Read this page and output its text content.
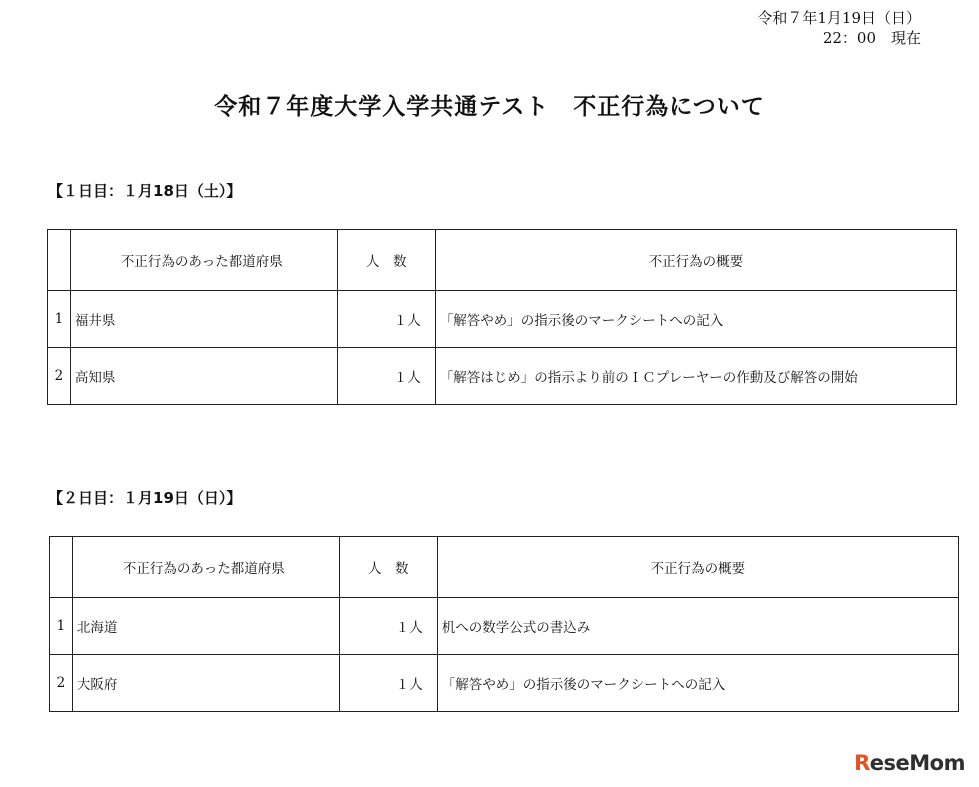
令和７年1月19日（日）
22：00　現在
令和７年度大学入学共通テスト　不正行為について
【１日目：１月18日（土）】
	不正行為のあった都道府県	人　数	不正行為の概要
1	福井県	１人	「解答やめ」の指示後のマークシートへの記入
2	高知県	１人	「解答はじめ」の指示より前のＩＣプレーヤーの作動及び解答の開始
【２日目：１月19日（日）】
	不正行為のあった都道府県	人　数	不正行為の概要
1	北海道	１人	机への数学公式の書込み
2	大阪府	１人	「解答やめ」の指示後のマークシートへの記入
ReseMom
